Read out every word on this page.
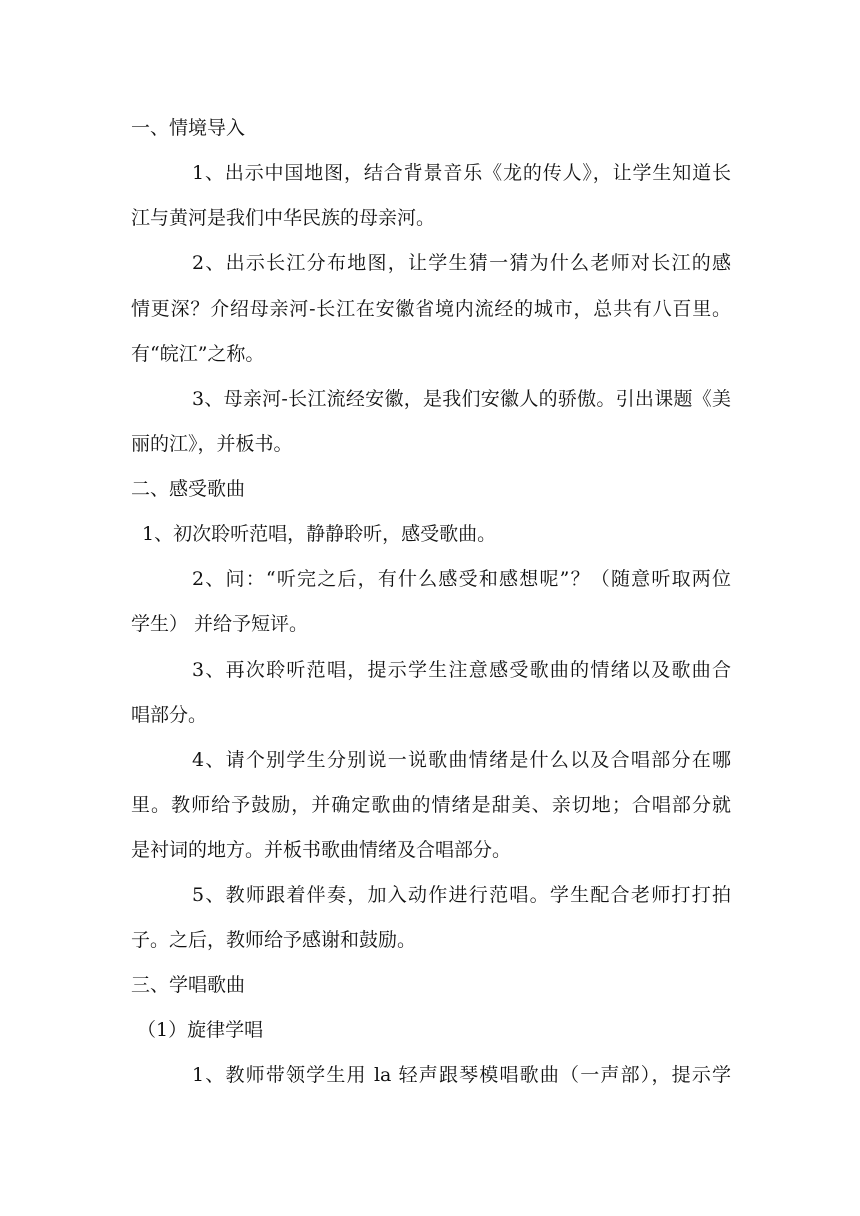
一、情境导入
1、出示中国地图，结合背景音乐《龙的传人》，让学生知道长
江与黄河是我们中华民族的母亲河。
2、出示长江分布地图，让学生猜一猜为什么老师对长江的感
情更深？介绍母亲河-长江在安徽省境内流经的城市，总共有八百里。
有“皖江”之称。
3、母亲河-长江流经安徽，是我们安徽人的骄傲。引出课题《美
丽的江》，并板书。
二、感受歌曲
1、初次聆听范唱，静静聆听，感受歌曲。
2、问：“听完之后，有什么感受和感想呢”？（随意听取两位
学生） 并给予短评。
3、再次聆听范唱，提示学生注意感受歌曲的情绪以及歌曲合
唱部分。
4、请个别学生分别说一说歌曲情绪是什么以及合唱部分在哪
里。教师给予鼓励，并确定歌曲的情绪是甜美、亲切地；合唱部分就
是衬词的地方。并板书歌曲情绪及合唱部分。
5、教师跟着伴奏，加入动作进行范唱。学生配合老师打打拍
子。之后，教师给予感谢和鼓励。
三、学唱歌曲
（1）旋律学唱
1、教师带领学生用 la 轻声跟琴模唱歌曲（一声部），提示学
